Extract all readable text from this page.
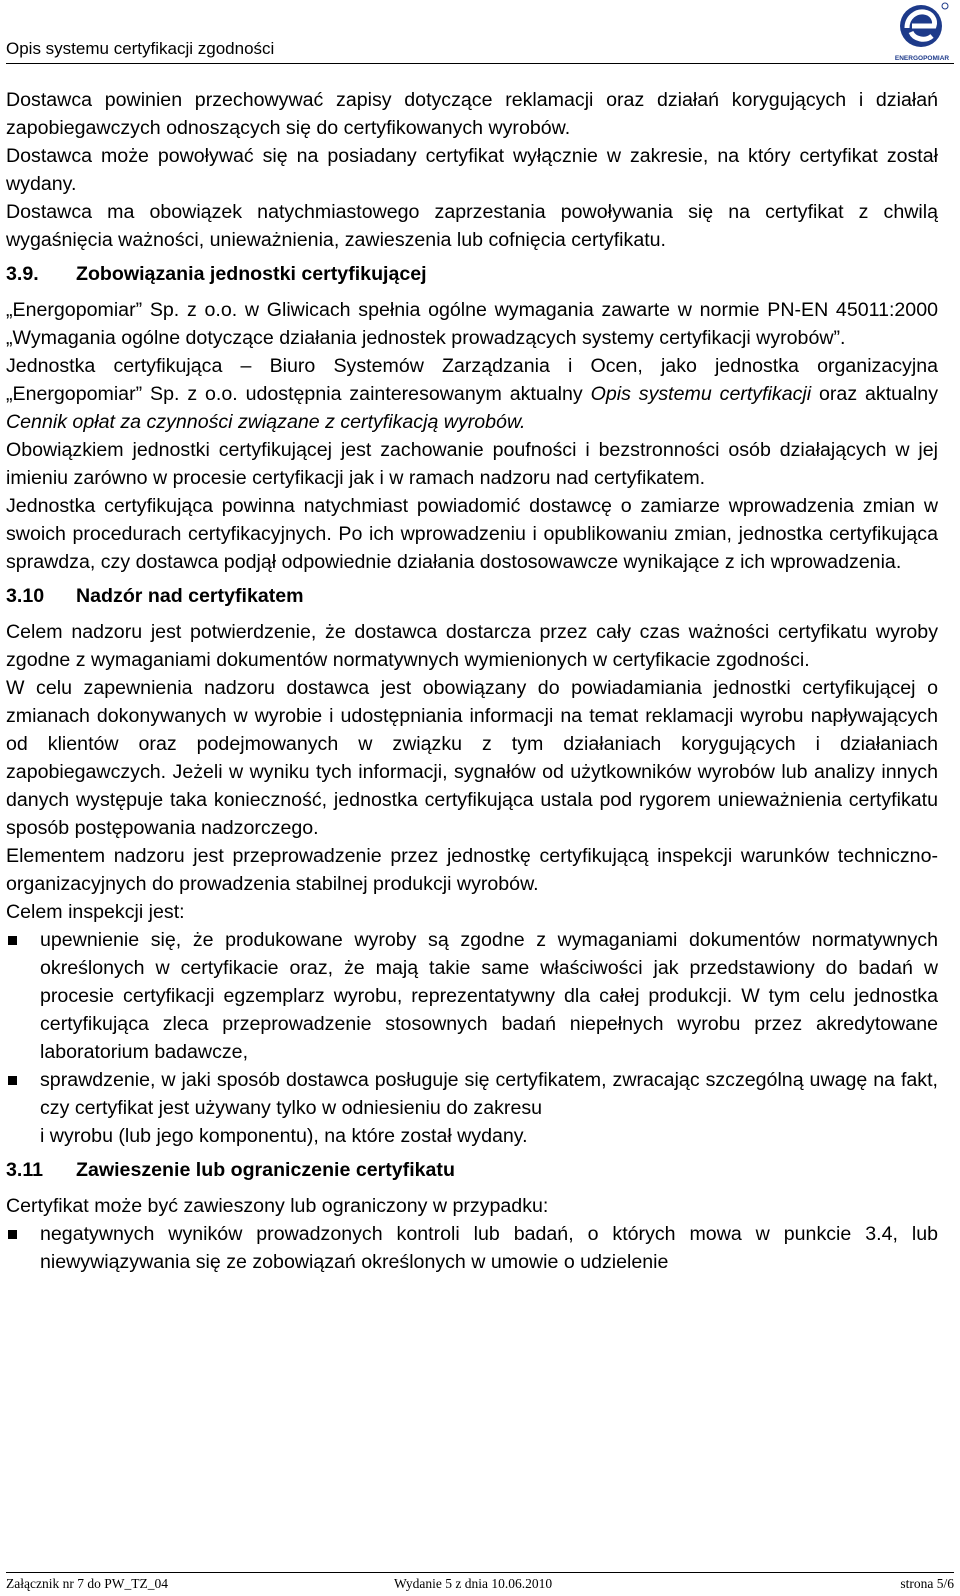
Opis systemu certyfikacji zgodności
ENERGOPOMIAR

Dostawca powinien przechowywać zapisy dotyczące reklamacji oraz działań korygujących i działań zapobiegawczych odnoszących się do certyfikowanych wyrobów.

Dostawca może powoływać się na posiadany certyfikat wyłącznie w zakresie, na który certyfikat został wydany.

Dostawca ma obowiązek natychmiastowego zaprzestania powoływania się na certyfikat z chwilą wygaśnięcia ważności, unieważnienia, zawieszenia lub cofnięcia certyfikatu.

3.9. Zobowiązania jednostki certyfikującej

„Energopomiar” Sp. z o.o. w Gliwicach spełnia ogólne wymagania zawarte w normie PN-EN 45011:2000 „Wymagania ogólne dotyczące działania jednostek prowadzących systemy certyfikacji wyrobów”.

Jednostka certyfikująca – Biuro Systemów Zarządzania i Ocen, jako jednostka organizacyjna „Energopomiar” Sp. z o.o. udostępnia zainteresowanym aktualny Opis systemu certyfikacji oraz aktualny Cennik opłat za czynności związane z certyfikacją wyrobów.

Obowiązkiem jednostki certyfikującej jest zachowanie poufności i bezstronności osób działających w jej imieniu zarówno w procesie certyfikacji jak i w ramach nadzoru nad certyfikatem.

Jednostka certyfikująca powinna natychmiast powiadomić dostawcę o zamiarze wprowadzenia zmian w swoich procedurach certyfikacyjnych. Po ich wprowadzeniu i opublikowaniu zmian, jednostka certyfikująca sprawdza, czy dostawca podjął odpowiednie działania dostosowawcze wynikające z ich wprowadzenia.

3.10 Nadzór nad certyfikatem

Celem nadzoru jest potwierdzenie, że dostawca dostarcza przez cały czas ważności certyfikatu wyroby zgodne z wymaganiami dokumentów normatywnych wymienionych w certyfikacie zgodności.

W celu zapewnienia nadzoru dostawca jest obowiązany do powiadamiania jednostki certyfikującej o zmianach dokonywanych w wyrobie i udostępniania informacji na temat reklamacji wyrobu napływających od klientów oraz podejmowanych w związku z tym działaniach korygujących i działaniach zapobiegawczych. Jeżeli w wyniku tych informacji, sygnałów od użytkowników wyrobów lub analizy innych danych występuje taka konieczność, jednostka certyfikująca ustala pod rygorem unieważnienia certyfikatu sposób postępowania nadzorczego.

Elementem nadzoru jest przeprowadzenie przez jednostkę certyfikującą inspekcji warunków techniczno-organizacyjnych do prowadzenia stabilnej produkcji wyrobów.

Celem inspekcji jest:

upewnienie się, że produkowane wyroby są zgodne z wymaganiami dokumentów normatywnych określonych w certyfikacie oraz, że mają takie same właściwości jak przedstawiony do badań w procesie certyfikacji egzemplarz wyrobu, reprezentatywny dla całej produkcji. W tym celu jednostka certyfikująca zleca przeprowadzenie stosownych badań niepełnych wyrobu przez akredytowane laboratorium badawcze,
sprawdzenie, w jaki sposób dostawca posługuje się certyfikatem, zwracając szczególną uwagę na fakt, czy certyfikat jest używany tylko w odniesieniu do zakresu
i wyrobu (lub jego komponentu), na które został wydany.
3.11 Zawieszenie lub ograniczenie certyfikatu

Certyfikat może być zawieszony lub ograniczony w przypadku:

negatywnych wyników prowadzonych kontroli lub badań, o których mowa w punkcie 3.4, lub niewywiązywania się ze zobowiązań określonych w umowie o udzielenie
Załącznik nr 7 do PW_TZ_04	Wydanie 5 z dnia 10.06.2010	strona 5/6
